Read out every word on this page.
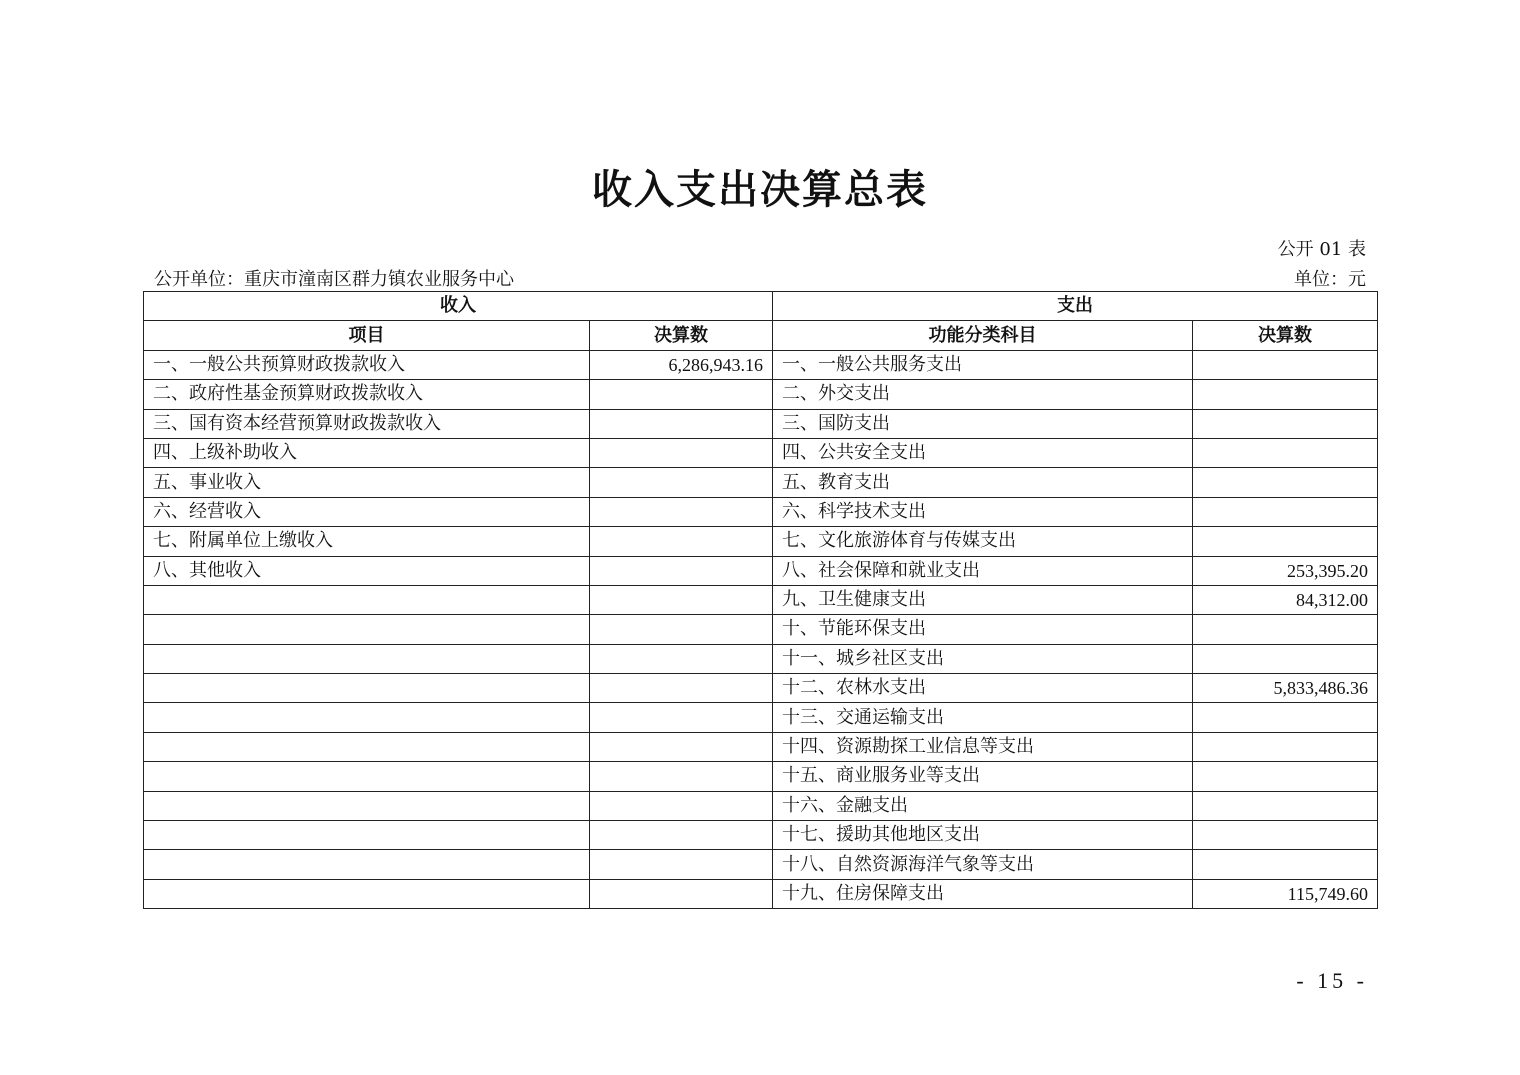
收入支出决算总表
公开 01 表
公开单位：重庆市潼南区群力镇农业服务中心	单位：元
收入		支出	
项目	决算数	功能分类科目	决算数
一、一般公共预算财政拨款收入	6,286,943.16	一、一般公共服务支出	
二、政府性基金预算财政拨款收入		二、外交支出	
三、国有资本经营预算财政拨款收入		三、国防支出	
四、上级补助收入		四、公共安全支出	
五、事业收入		五、教育支出	
六、经营收入		六、科学技术支出	
七、附属单位上缴收入		七、文化旅游体育与传媒支出	
八、其他收入		八、社会保障和就业支出	253,395.20
		九、卫生健康支出	84,312.00
		十、节能环保支出	
		十一、城乡社区支出	
		十二、农林水支出	5,833,486.36
		十三、交通运输支出	
		十四、资源勘探工业信息等支出	
		十五、商业服务业等支出	
		十六、金融支出	
		十七、援助其他地区支出	
		十八、自然资源海洋气象等支出	
		十九、住房保障支出	115,749.60
- 15 -
